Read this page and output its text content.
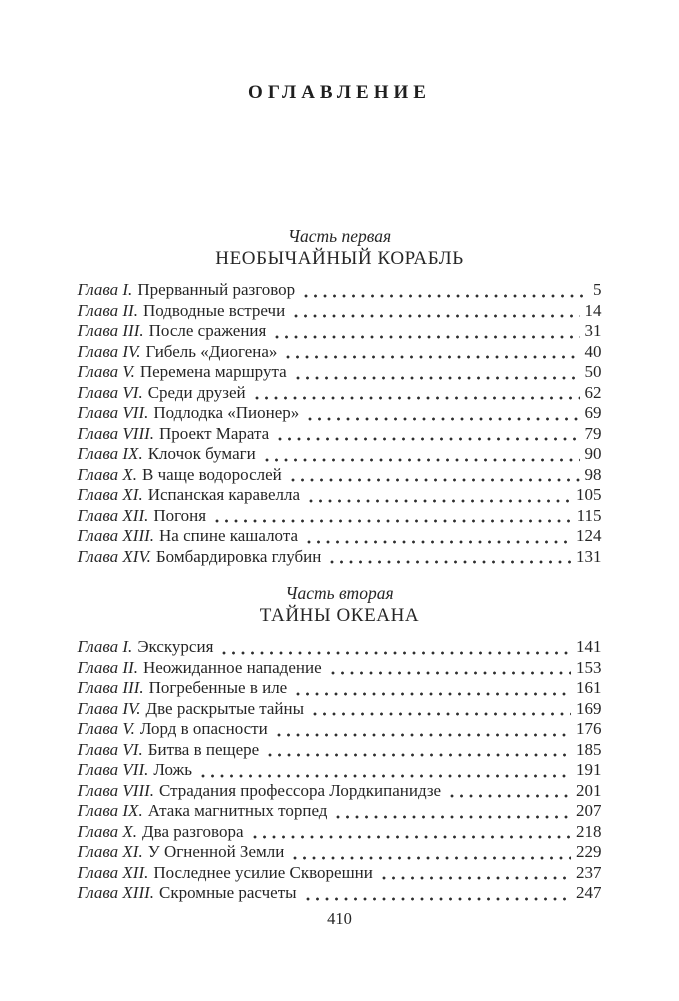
ОГЛАВЛЕНИЕ
Часть первая
НЕОБЫЧАЙНЫЙ КОРАБЛЬ
Глава I. Прерванный разговор	5
Глава II. Подводные встречи	14
Глава III. После сражения	31
Глава IV. Гибель «Диогена»	40
Глава V. Перемена маршрута	50
Глава VI. Среди друзей	62
Глава VII. Подлодка «Пионер»	69
Глава VIII. Проект Марата	79
Глава IX. Клочок бумаги	90
Глава X. В чаще водорослей	98
Глава XI. Испанская каравелла	105
Глава XII. Погоня	115
Глава XIII. На спине кашалота	124
Глава XIV. Бомбардировка глубин	131
Часть вторая
ТАЙНЫ ОКЕАНА
Глава I. Экскурсия	141
Глава II. Неожиданное нападение	153
Глава III. Погребенные в иле	161
Глава IV. Две раскрытые тайны	169
Глава V. Лорд в опасности	176
Глава VI. Битва в пещере	185
Глава VII. Ложь	191
Глава VIII. Страдания профессора Лордкипанидзе	201
Глава IX. Атака магнитных торпед	207
Глава X. Два разговора	218
Глава XI. У Огненной Земли	229
Глава XII. Последнее усилие Скворешни	237
Глава XIII. Скромные расчеты	247
410
